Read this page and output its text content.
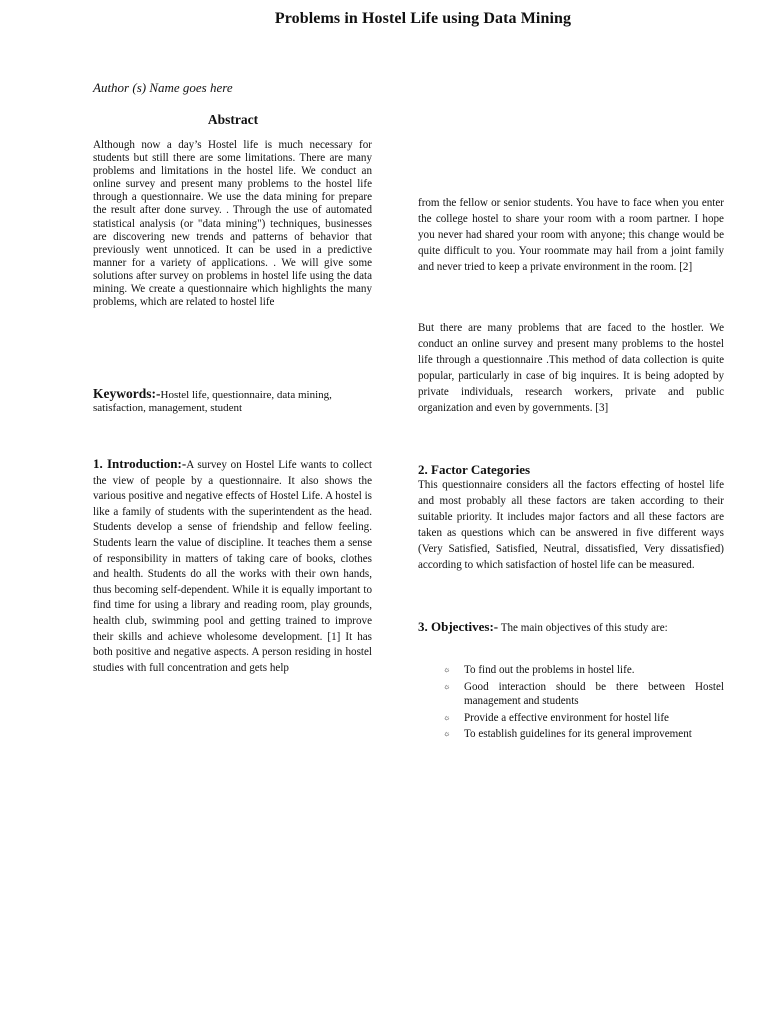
Problems in Hostel Life using Data Mining
Author (s) Name goes here
Abstract
Although now a day’s Hostel life is much necessary for students but still there are some limitations. There are many problems and limitations in the hostel life. We conduct an online survey and present many problems to the hostel life through a questionnaire. We use the data mining for prepare the result after done survey. . Through the use of automated statistical analysis (or "data mining") techniques, businesses are discovering new trends and patterns of behavior that previously went unnoticed. It can be used in a predictive manner for a variety of applications. . We will give some solutions after survey on problems in hostel life using the data mining. We create a questionnaire which highlights the many problems, which are related to hostel life
Keywords:-Hostel life, questionnaire, data mining, satisfaction, management, student
1. Introduction:-A survey on Hostel Life wants to collect the view of people by a questionnaire. It also shows the various positive and negative effects of Hostel Life. A hostel is like a family of students with the superintendent as the head. Students develop a sense of friendship and fellow feeling. Students learn the value of discipline. It teaches them a sense of responsibility in matters of taking care of books, clothes and health. Students do all the works with their own hands, thus becoming self-dependent. While it is equally important to find time for using a library and reading room, play grounds, health club, swimming pool and getting trained to improve their skills and achieve wholesome development. [1] It has both positive and negative aspects. A person residing in hostel studies with full concentration and gets help
from the fellow or senior students. You have to face when you enter the college hostel to share your room with a room partner. I hope you never had shared your room with anyone; this change would be quite difficult to you. Your roommate may hail from a joint family and never tried to keep a private environment in the room. [2]
But there are many problems that are faced to the hostler. We conduct an online survey and present many problems to the hostel life through a questionnaire .This method of data collection is quite popular, particularly in case of big inquires. It is being adopted by private individuals, research workers, private and public organization and even by governments. [3]
2. Factor Categories
This questionnaire considers all the factors effecting of hostel life and most probably all these factors are taken according to their suitable priority. It includes major factors and all these factors are taken as questions which can be answered in five different ways (Very Satisfied, Satisfied, Neutral, dissatisfied, Very dissatisfied) according to which satisfaction of hostel life can be measured.
3. Objectives:- The main objectives of this study are:
☼ To find out the problems in hostel life.
☼ Good interaction should be there between Hostel management and students
☼ Provide a effective environment for hostel life
☼ To establish guidelines for its general improvement
